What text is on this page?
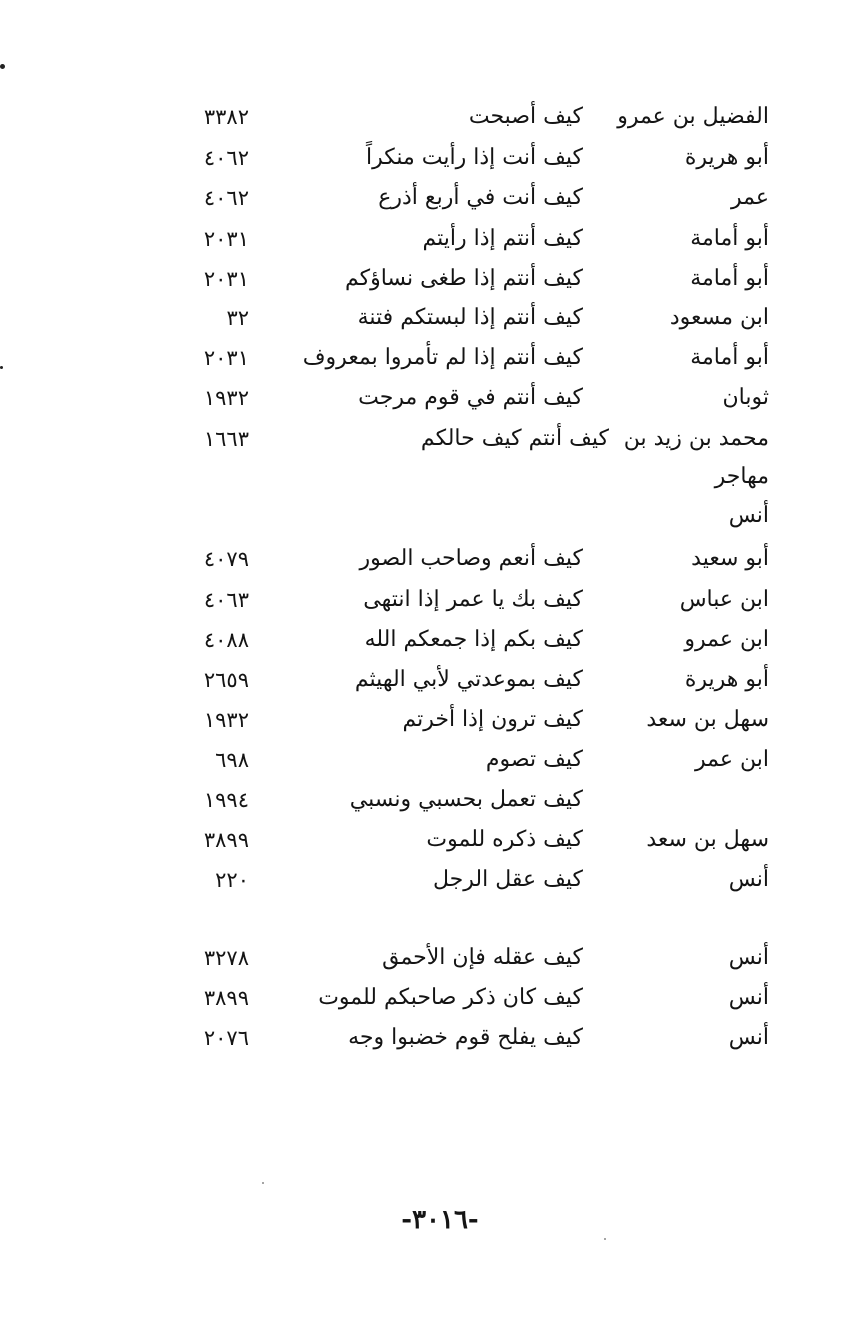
الفضيل بن عمرو
كيف أصبحت
٣٣٨٢
أبو هريرة
كيف أنت إذا رأيت منكراً
٤٠٦٢
عمر
كيف أنت في أربع أذرع
٤٠٦٢
أبو أمامة
كيف أنتم إذا رأيتم
٢٠٣١
أبو أمامة
كيف أنتم إذا طغى نساؤكم
٢٠٣١
ابن مسعود
كيف أنتم إذا لبستكم فتنة
٣٢
أبو أمامة
كيف أنتم إذا لم تأمروا بمعروف
٢٠٣١
ثوبان
كيف أنتم في قوم مرجت
١٩٣٢
محمد بن زيد بن
كيف أنتم كيف حالكم
١٦٦٣
مهاجر
أنس
أبو سعيد
كيف أنعم وصاحب الصور
٤٠٧٩
ابن عباس
كيف بك يا عمر إذا انتهى
٤٠٦٣
ابن عمرو
كيف بكم إذا جمعكم الله
٤٠٨٨
أبو هريرة
كيف بموعدتي لأبي الهيثم
٢٦٥٩
سهل بن سعد
كيف ترون إذا أخرتم
١٩٣٢
ابن عمر
كيف تصوم
٦٩٨
كيف تعمل بحسبي ونسبي
١٩٩٤
سهل بن سعد
كيف ذكره للموت
٣٨٩٩
أنس
كيف عقل الرجل
٢٢٠
أنس
كيف عقله فإن الأحمق
٣٢٧٨
أنس
كيف كان ذكر صاحبكم للموت
٣٨٩٩
أنس
كيف يفلح قوم خضبوا وجه
٢٠٧٦
-٣٠١٦-
